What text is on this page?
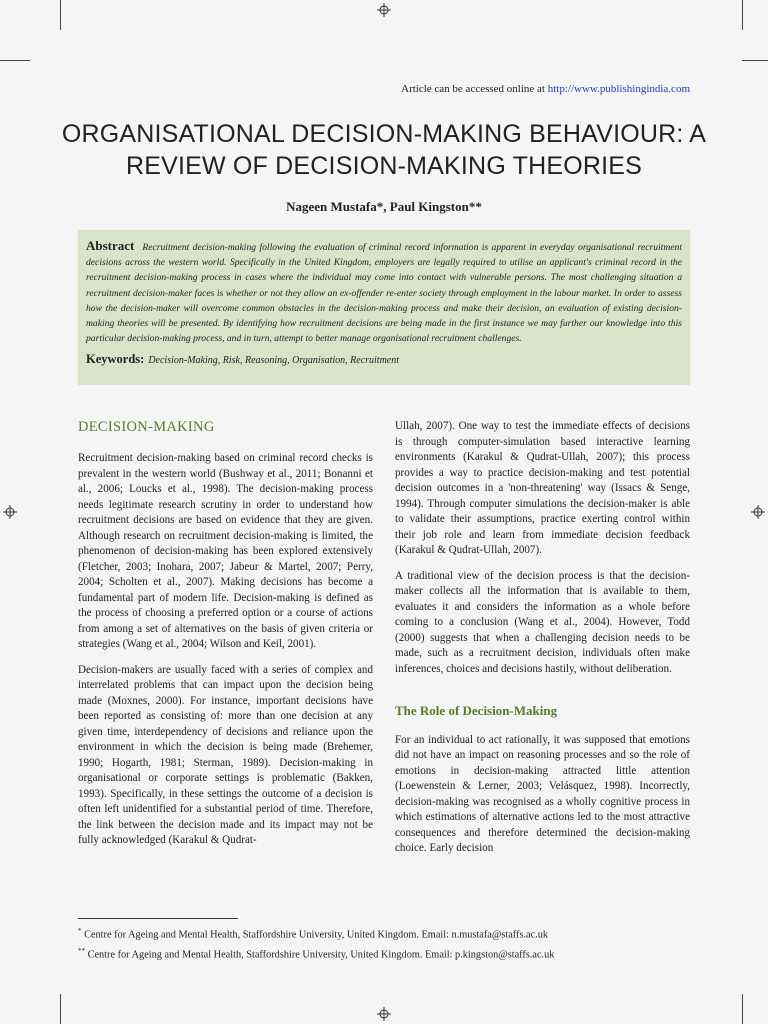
Article can be accessed online at http://www.publishingindia.com
ORGANISATIONAL DECISION-MAKING BEHAVIOUR: A REVIEW OF DECISION-MAKING THEORIES
Nageen Mustafa*, Paul Kingston**

Abstract Recruitment decision-making following the evaluation of criminal record information is apparent in everyday organisational recruitment decisions across the western world. Specifically in the United Kingdom, employers are legally required to utilise an applicant's criminal record in the recruitment decision-making process in cases where the individual may come into contact with vulnerable persons. The most challenging situation a recruitment decision-maker faces is whether or not they allow an ex-offender re-enter society through employment in the labour market. In order to assess how the decision-maker will overcome common obstacles in the decision-making process and make their decision, an evaluation of existing decision-making theories will be presented. By identifying how recruitment decisions are being made in the first instance we may further our knowledge into this particular decision-making process, and in turn, attempt to better manage organisational recruitment challenges.

Keywords: Decision-Making, Risk, Reasoning, Organisation, Recruitment
DECISION-MAKING

Recruitment decision-making based on criminal record checks is prevalent in the western world (Bushway et al., 2011; Bonanni et al., 2006; Loucks et al., 1998). The decision-making process needs legitimate research scrutiny in order to understand how recruitment decisions are based on evidence that they are given. Although research on recruitment decision-making is limited, the phenomenon of decision-making has been explored extensively (Fletcher, 2003; Inohara, 2007; Jabeur & Martel, 2007; Perry, 2004; Scholten et al., 2007). Making decisions has become a fundamental part of modern life. Decision-making is defined as the process of choosing a preferred option or a course of actions from among a set of alternatives on the basis of given criteria or strategies (Wang et al., 2004; Wilson and Keil, 2001).

Decision-makers are usually faced with a series of complex and interrelated problems that can impact upon the decision being made (Moxnes, 2000). For instance, important decisions have been reported as consisting of: more than one decision at any given time, interdependency of decisions and reliance upon the environment in which the decision is being made (Brehemer, 1990; Hogarth, 1981; Sterman, 1989). Decision-making in organisational or corporate settings is problematic (Bakken, 1993). Specifically, in these settings the outcome of a decision is often left unidentified for a substantial period of time. Therefore, the link between the decision made and its impact may not be fully acknowledged (Karakul & Qudrat-

Ullah, 2007). One way to test the immediate effects of decisions is through computer-simulation based interactive learning environments (Karakul & Qudrat-Ullah, 2007); this process provides a way to practice decision-making and test potential decision outcomes in a 'non-threatening' way (Issacs & Senge, 1994). Through computer simulations the decision-maker is able to validate their assumptions, practice exerting control within their job role and learn from immediate decision feedback (Karakul & Qudrat-Ullah, 2007).

A traditional view of the decision process is that the decision-maker collects all the information that is available to them, evaluates it and considers the information as a whole before coming to a conclusion (Wang et al., 2004). However, Todd (2000) suggests that when a challenging decision needs to be made, such as a recruitment decision, individuals often make inferences, choices and decisions hastily, without deliberation.

The Role of Decision-Making

For an individual to act rationally, it was supposed that emotions did not have an impact on reasoning processes and so the role of emotions in decision-making attracted little attention (Loewenstein & Lerner, 2003; Velásquez, 1998). Incorrectly, decision-making was recognised as a wholly cognitive process in which estimations of alternative actions led to the most attractive consequences and therefore determined the decision-making choice. Early decision

* Centre for Ageing and Mental Health, Staffordshire University, United Kingdom. Email: n.mustafa@staffs.ac.uk
** Centre for Ageing and Mental Health, Staffordshire University, United Kingdom. Email: p.kingston@staffs.ac.uk
